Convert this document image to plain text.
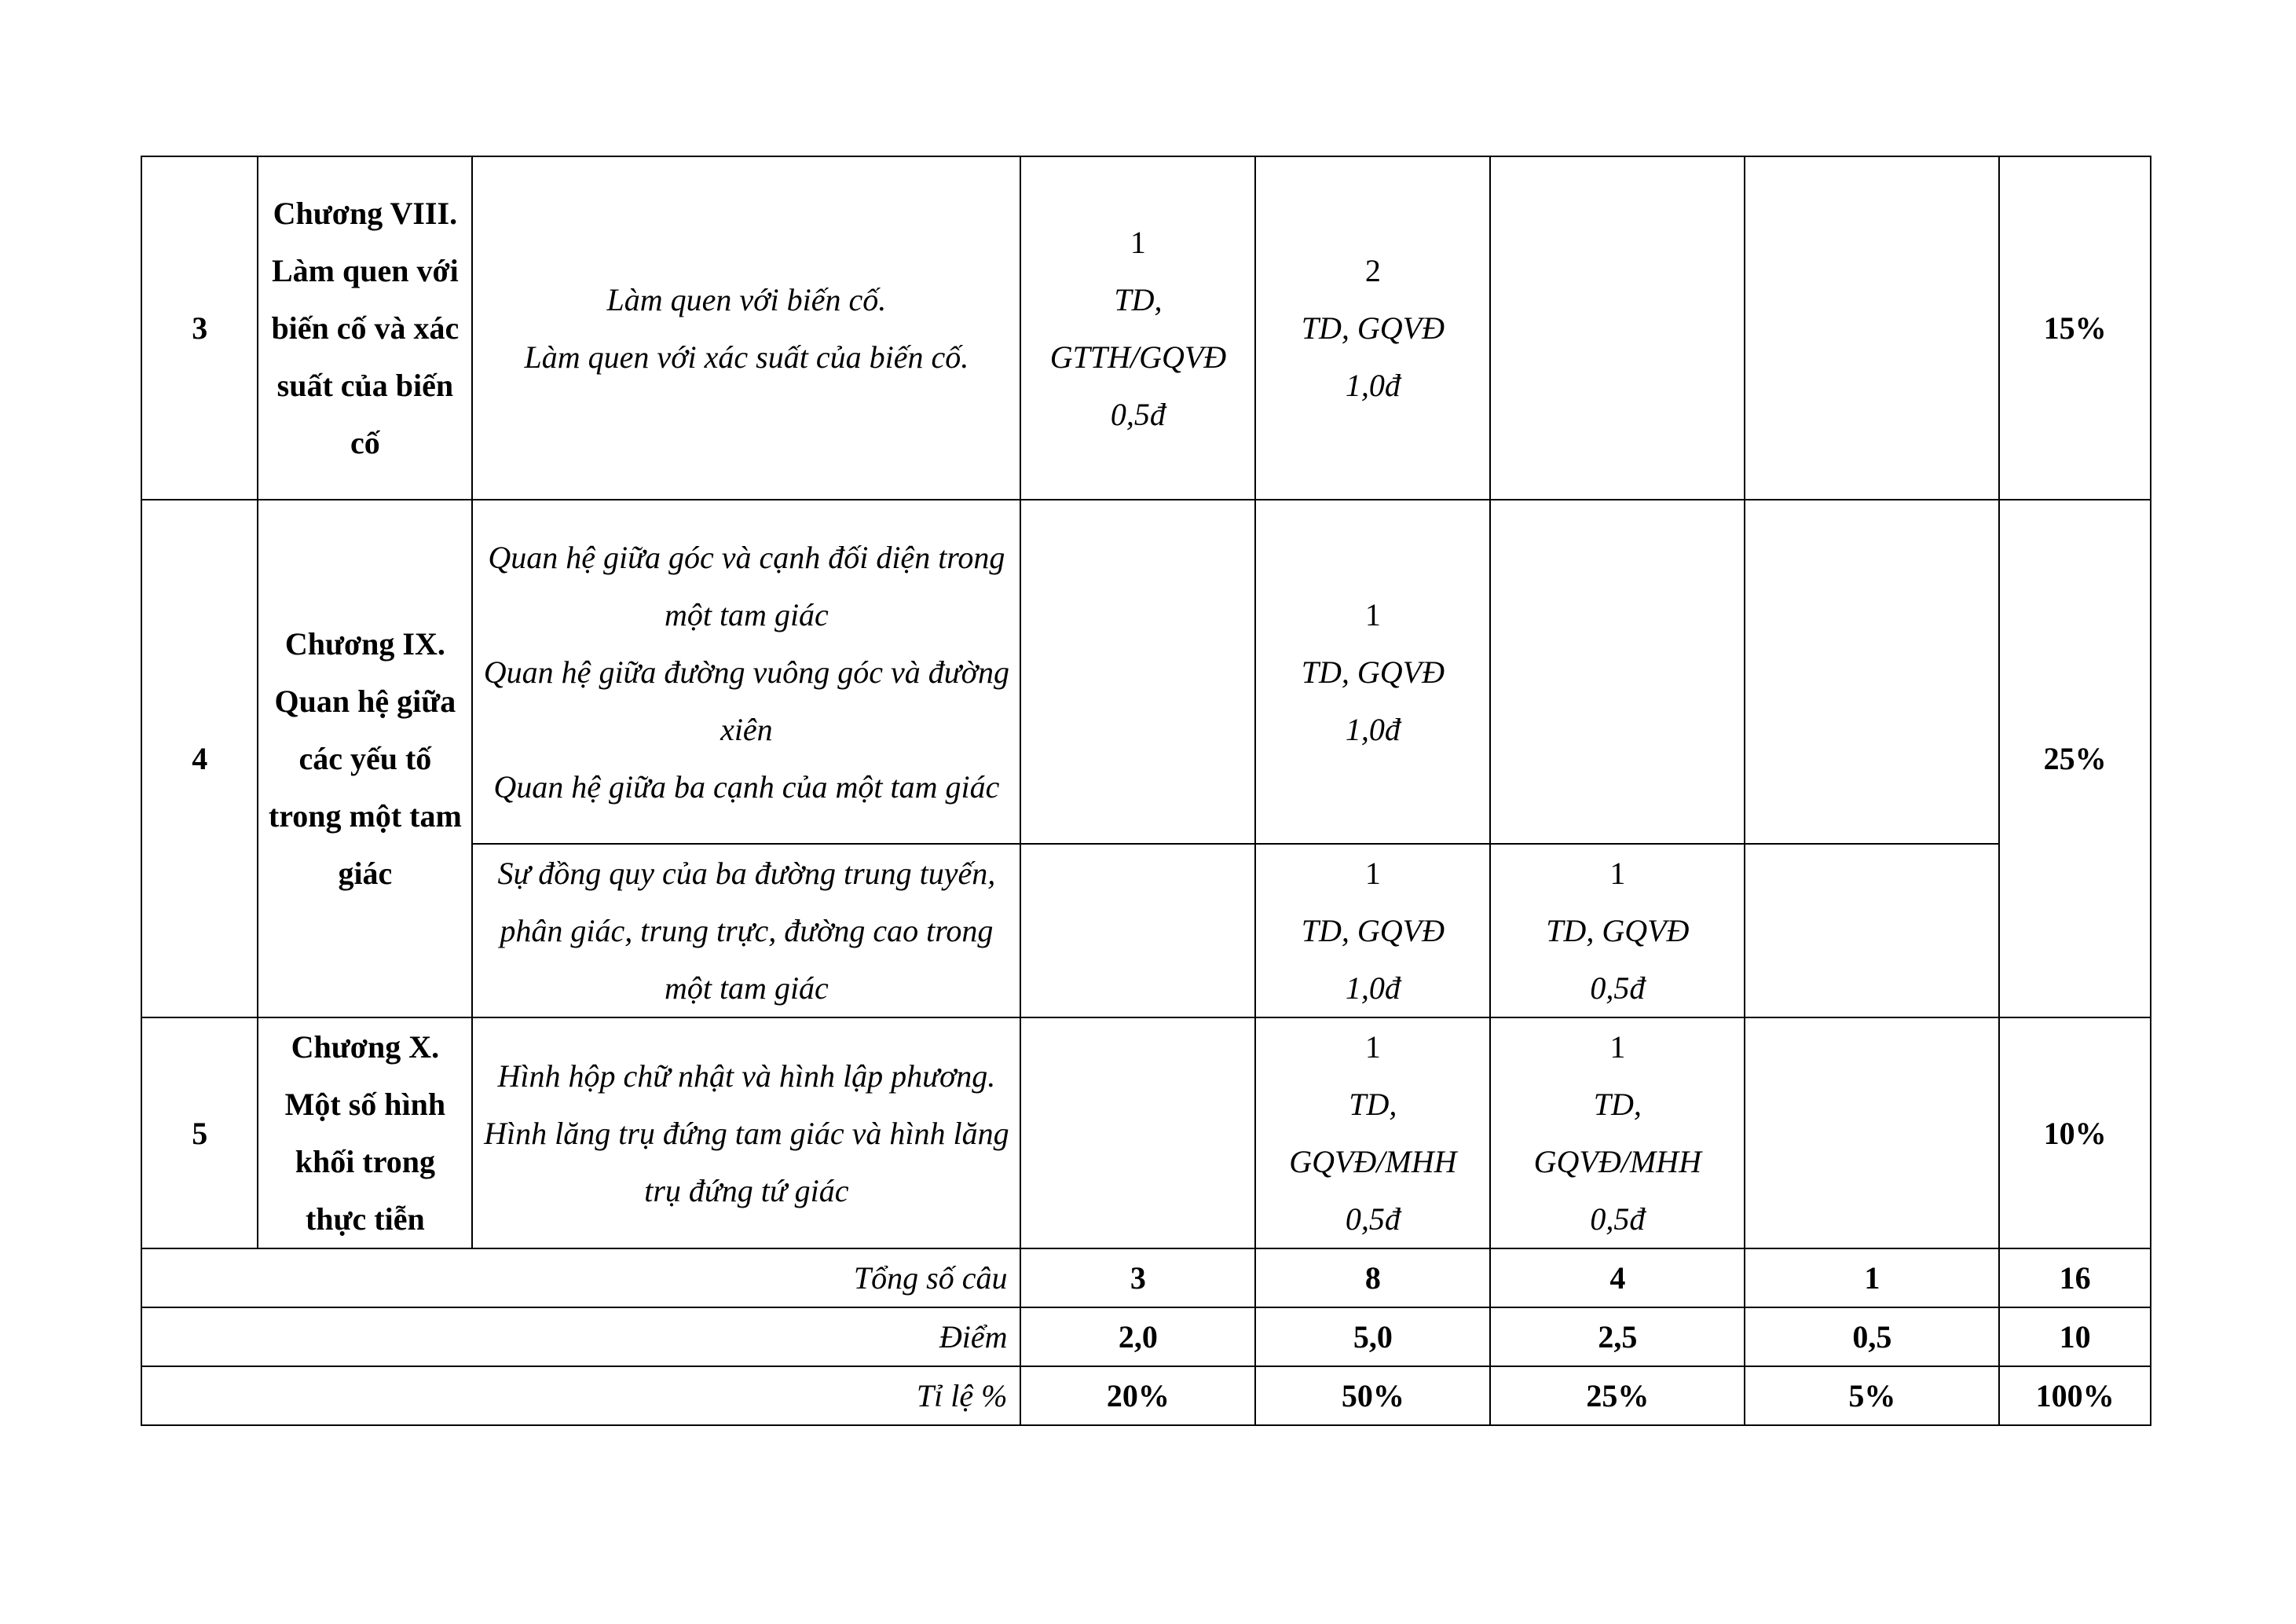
3	Chương VIII. Làm quen với biến cố và xác suất của biến cố	Làm quen với biến cố.
Làm quen với xác suất của biến cố.	1
TD,
GTTH/GQVĐ
0,5đ	2
TD, GQVĐ
1,0đ			15%
4	Chương IX. Quan hệ giữa các yếu tố trong một tam giác	Quan hệ giữa góc và cạnh đối diện trong một tam giác
Quan hệ giữa đường vuông góc và đường xiên
Quan hệ giữa ba cạnh của một tam giác		1
TD, GQVĐ
1,0đ			25%

		Sự đồng quy của ba đường trung tuyến, phân giác, trung trực, đường cao trong một tam giác		1
TD, GQVĐ
1,0đ	1
TD, GQVĐ
0,5đ		

5	Chương X. Một số hình khối trong thực tiễn	Hình hộp chữ nhật và hình lập phương. Hình lăng trụ đứng tam giác và hình lăng trụ đứng tứ giác		1
TD,
GQVĐ/MHH
0,5đ	1
TD,
GQVĐ/MHH
0,5đ		10%
Tổng số câu			3	8	4	1	16
Điểm			2,0	5,0	2,5	0,5	10
Tỉ lệ %			20%	50%	25%	5%	100%
